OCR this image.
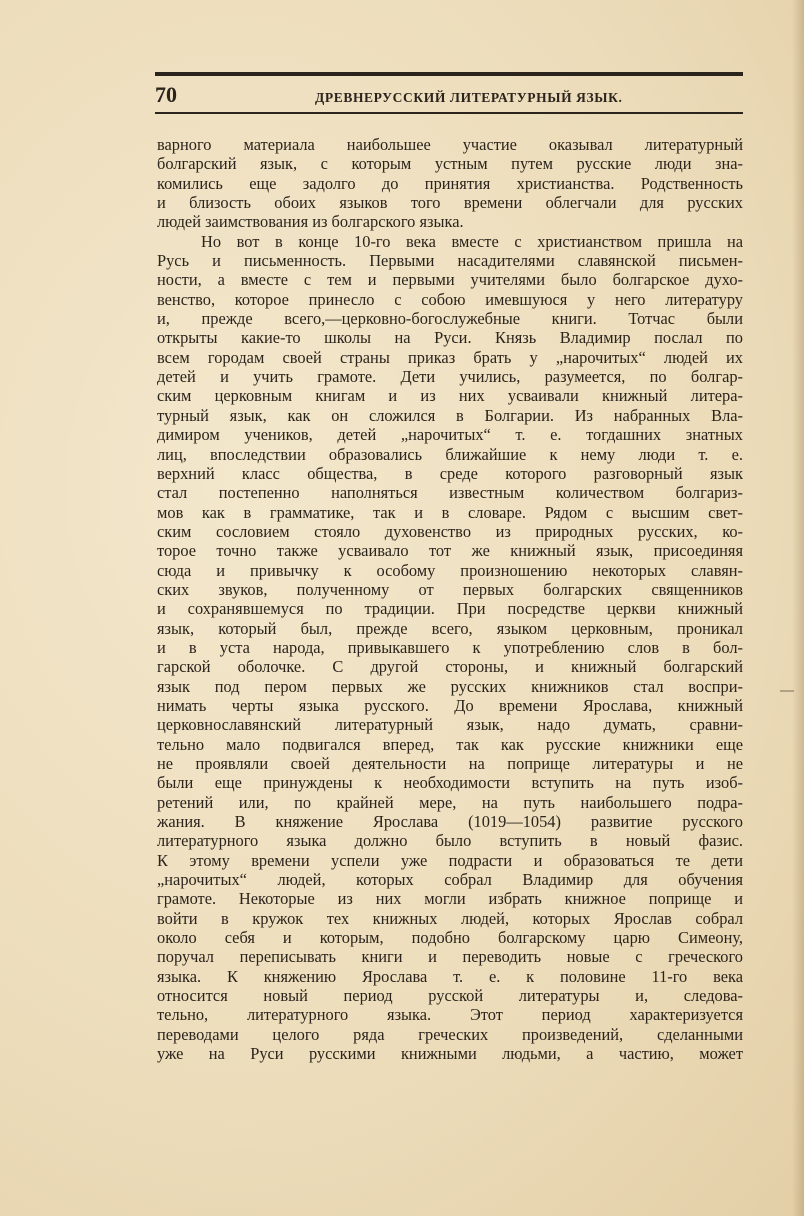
70	ДРЕВНЕРУССКИЙ ЛИТЕРАТУРНЫЙ ЯЗЫК.
варного материала наибольшее участие оказывал литературный
болгарский язык, с которым устным путем русские люди зна-
комились еще задолго до принятия христианства. Родственность
и близость обоих языков того времени облегчали для русских
людей заимствования из болгарского языка.
Но вот в конце 10-го века вместе с христианством пришла на
Русь и письменность. Первыми насадителями славянской письмен-
ности, а вместе с тем и первыми учителями было болгарское духо-
венство, которое принесло с собою имевшуюся у него литературу
и, прежде всего,—церковно-богослужебные книги. Тотчас были
открыты какие-то школы на Руси. Князь Владимир послал по
всем городам своей страны приказ брать у „нарочитых“ людей их
детей и учить грамоте. Дети учились, разумеется, по болгар-
ским церковным книгам и из них усваивали книжный литера-
турный язык, как он сложился в Болгарии. Из набранных Вла-
димиром учеников, детей „нарочитых“ т. е. тогдашних знатных
лиц, впоследствии образовались ближайшие к нему люди т. е.
верхний класс общества, в среде которого разговорный язык
стал постепенно наполняться известным количеством болгариз-
мов как в грамматике, так и в словаре. Рядом с высшим свет-
ским сословием стояло духовенство из природных русских, ко-
торое точно также усваивало тот же книжный язык, присоединяя
сюда и привычку к особому произношению некоторых славян-
ских звуков, полученному от первых болгарских священников
и сохранявшемуся по традиции. При посредстве церкви книжный
язык, который был, прежде всего, языком церковным, проникал
и в уста народа, привыкавшего к употреблению слов в бол-
гарской оболочке. С другой стороны, и книжный болгарский
язык под пером первых же русских книжников стал воспри-
нимать черты языка русского. До времени Ярослава, книжный
церковнославянский литературный язык, надо думать, сравни-
тельно мало подвигался вперед, так как русские книжники еще
не проявляли своей деятельности на поприще литературы и не
были еще принуждены к необходимости вступить на путь изоб-
ретений или, по крайней мере, на путь наибольшего подра-
жания. В княжение Ярослава (1019—1054) развитие русского
литературного языка должно было вступить в новый фазис.
К этому времени успели уже подрасти и образоваться те дети
„нарочитых“ людей, которых собрал Владимир для обучения
грамоте. Некоторые из них могли избрать книжное поприще и
войти в кружок тех книжных людей, которых Ярослав собрал
около себя и которым, подобно болгарскому царю Симеону,
поручал переписывать книги и переводить новые с греческого
языка. К княжению Ярослава т. е. к половине 11-го века
относится новый период русской литературы и, следова-
тельно, литературного языка. Этот период характеризуется
переводами целого ряда греческих произведений, сделанными
уже на Руси русскими книжными людьми, а частию, может
